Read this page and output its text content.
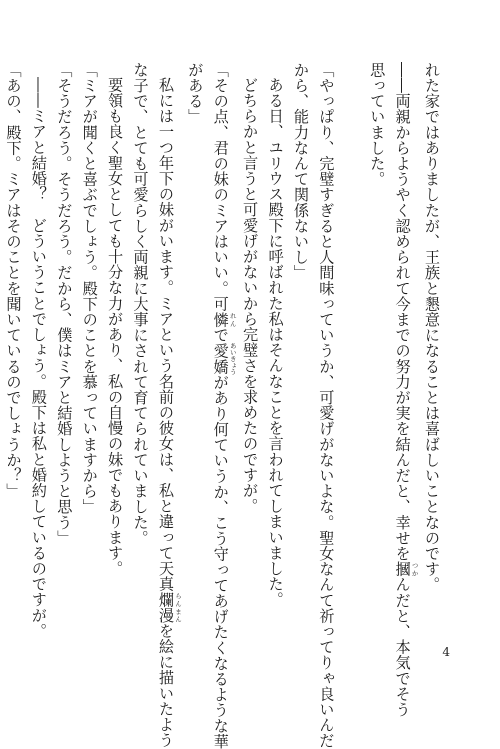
れた家ではありましたが、王族と懇意になることは喜ばしいことなのです。
――両親からようやく認められて今までの努力が実を結んだと、幸せを摑 つかんだと、本気でそう
思っていました。

「やっぱり、完璧すぎると人間味っていうか、可愛げがないよな。聖女なんて祈ってりゃ良いんだ
から、能力なんて関係ないし」
ある日、ユリウス殿下に呼ばれた私はそんなことを言われてしまいました。
どちらかと言うと可愛げがないから完璧さを求めたのですが。
「その点、君の妹のミアはいい。可憐 れんで愛嬌 あいきょうがあり何ていうか、こう守ってあげたくなるような華
がある」
私には一つ年下の妹がいます。ミアという名前の彼女は、私と違って天真爛漫 らんまんを絵に描いたよう
な子で、とても可愛らしく両親に大事にされて育てられていました。
要領も良く聖女としても十分な力があり、私の自慢の妹でもあります。
「ミアが聞くと喜ぶでしょう。殿下のことを慕っていますから」
「そうだろう。そうだろう。だから、僕はミアと結婚しようと思う」
――ミアと結婚？　どういうことでしょう。殿下は私と婚約しているのですが。
「あの、殿下。ミアはそのことを聞いているのでしょうか？」
4
